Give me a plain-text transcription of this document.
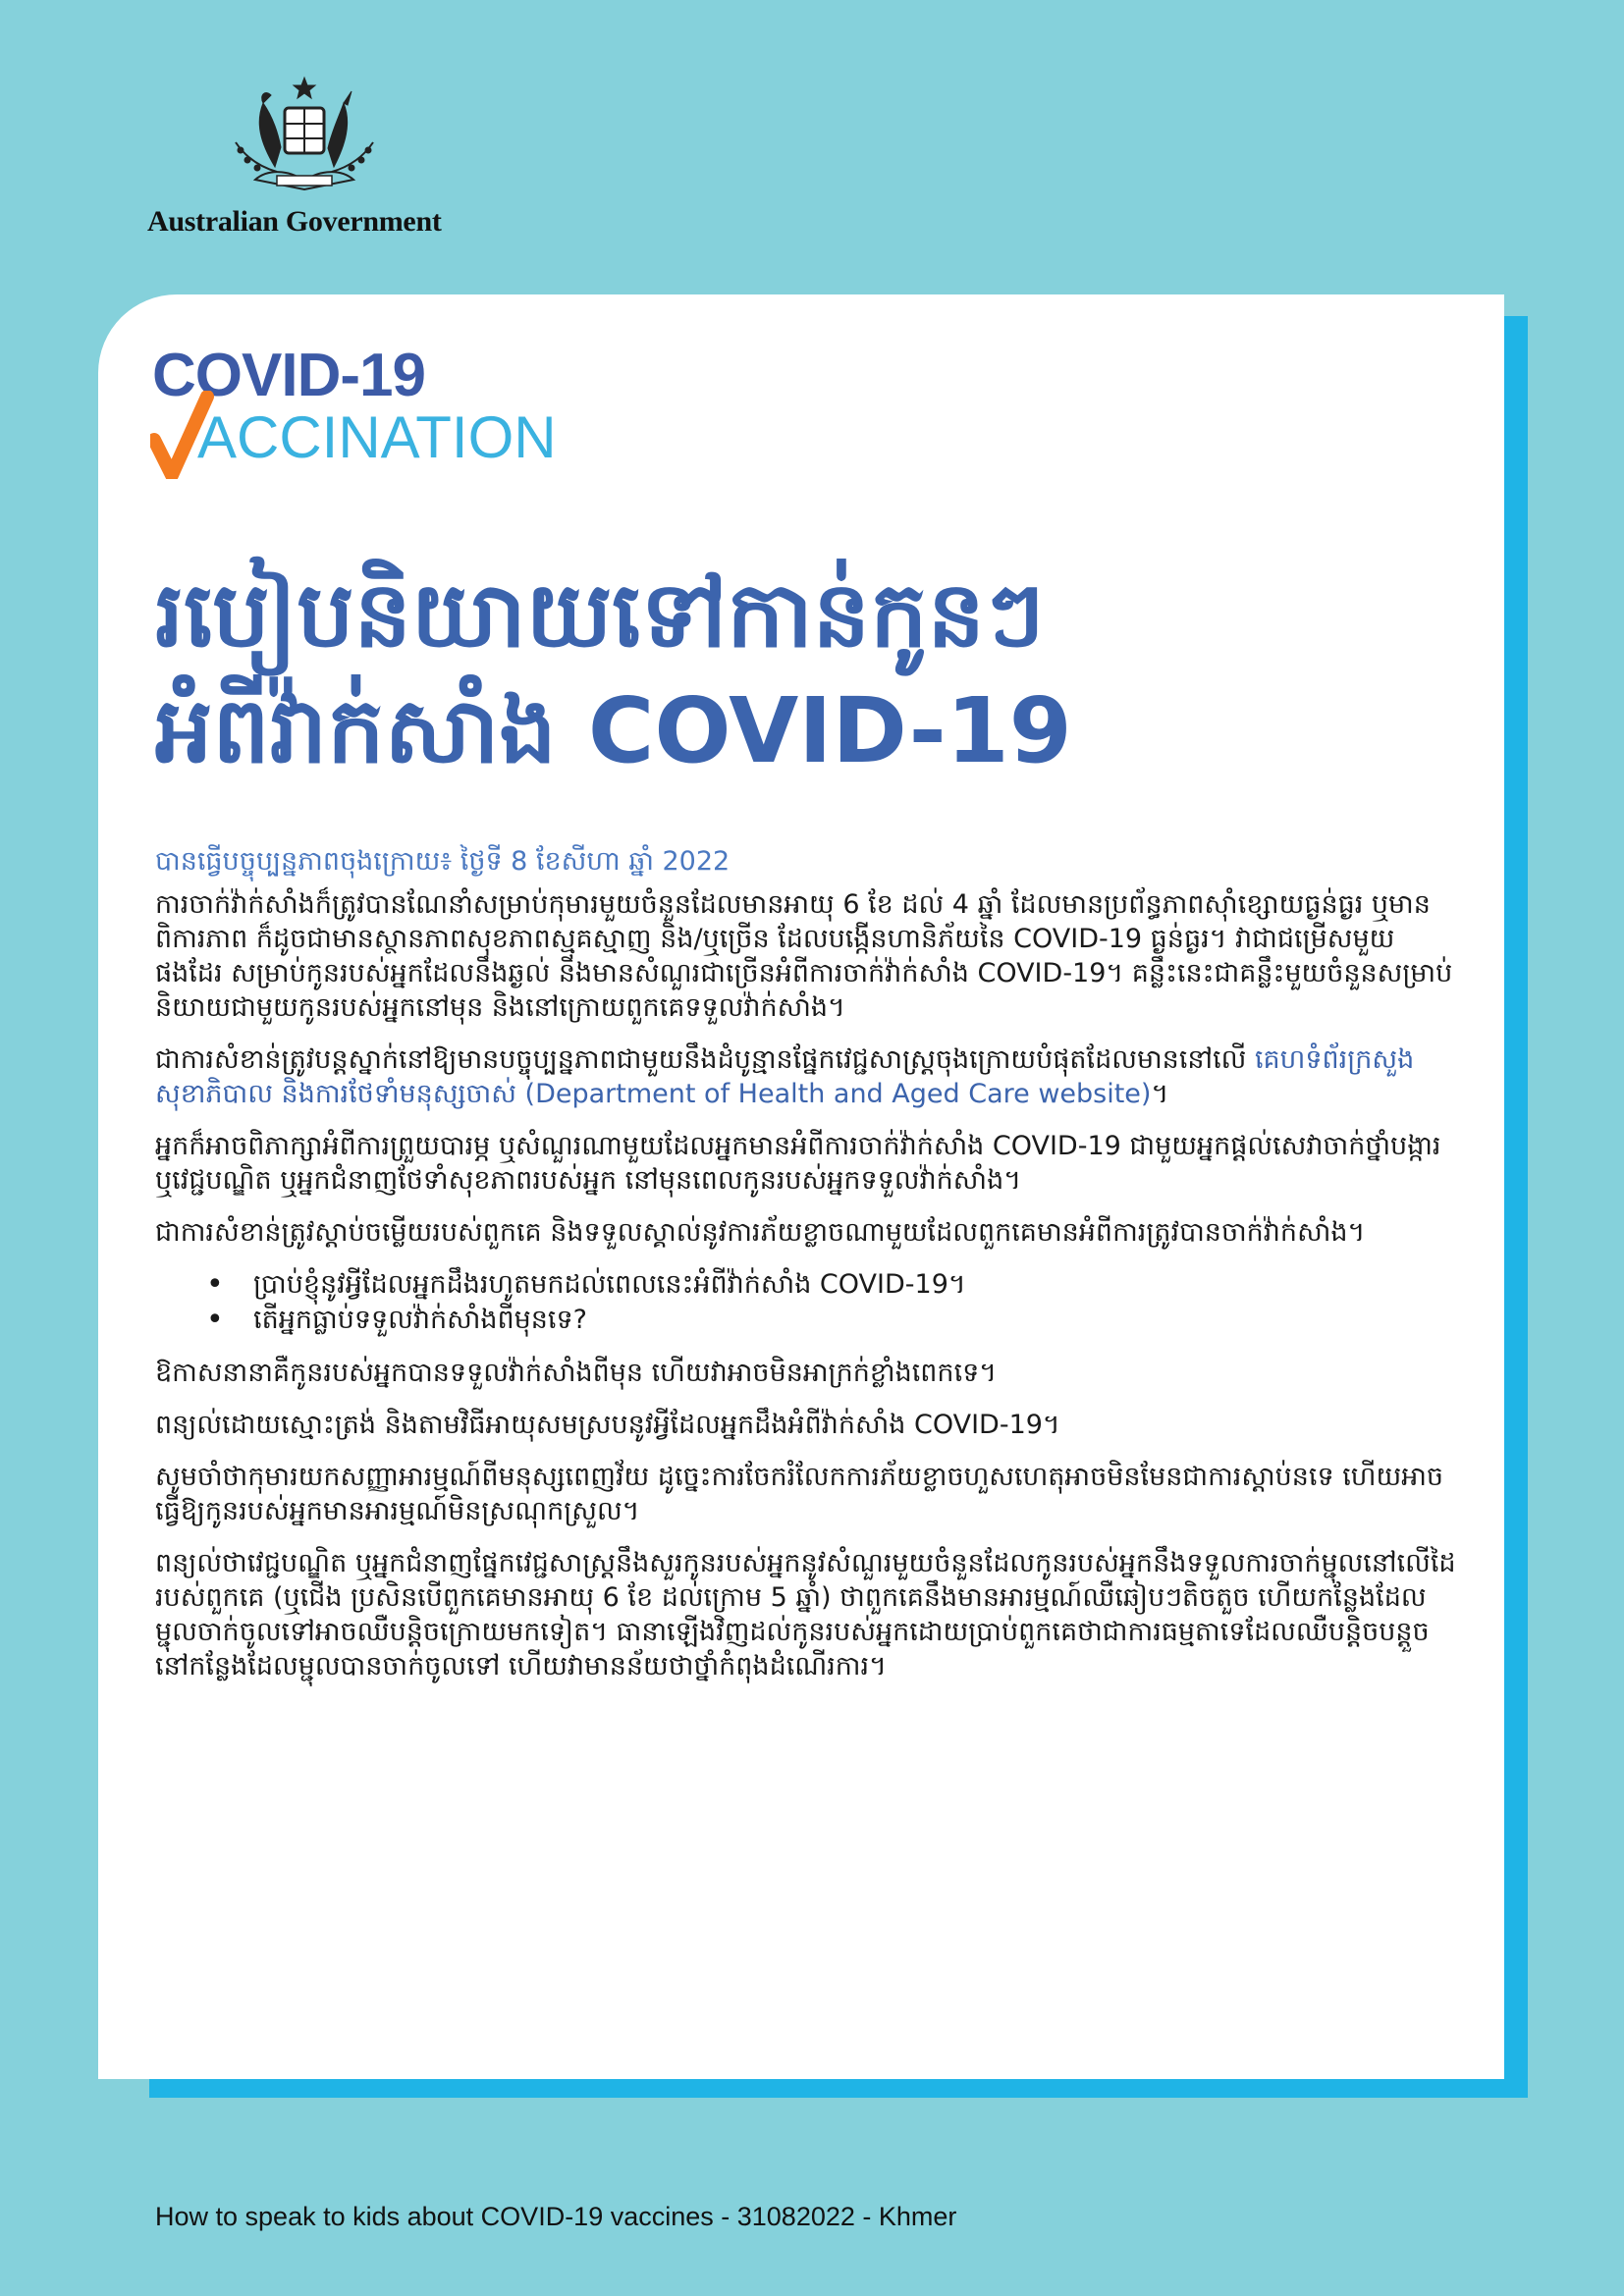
Australian Government
COVID-19
ACCINATION
របៀបនិយាយទៅកាន់កូនៗ
អំពីវ៉ាក់សាំង COVID-19
បានធ្វើបច្ចុប្បន្នភាពចុងក្រោយ៖ ថ្ងៃទី 8 ខែសីហា ឆ្នាំ 2022

ការចាក់វ៉ាក់សាំងក៏ត្រូវបានណែនាំសម្រាប់កុមារមួយចំនួនដែលមានអាយុ 6 ខែ ដល់ 4 ឆ្នាំ ដែលមានប្រព័ន្ធភាពស៊ាំខ្សោយធ្ងន់ធ្ងរ ឬមានពិការភាព ក៏ដូចជាមានស្ថានភាពសុខភាពស្មុគស្មាញ និង/ឬច្រើន ដែលបង្កើនហានិភ័យនៃ COVID-19 ធ្ងន់ធ្ងរ។ វាជាជម្រើសមួយផងដែរ សម្រាប់កូនរបស់អ្នកដែលនឹងឆ្ងល់ និងមានសំណួរជាច្រើនអំពីការចាក់វ៉ាក់សាំង COVID-19។ គន្លឹះនេះជាគន្លឹះមួយចំនួនសម្រាប់និយាយជាមួយកូនរបស់អ្នកនៅមុន និងនៅក្រោយពួកគេទទួលវ៉ាក់សាំង។

ជាការសំខាន់ត្រូវបន្តស្នាក់នៅឱ្យមានបច្ចុប្បន្នភាពជាមួយនឹងដំបូន្មានផ្នែកវេជ្ជសាស្ត្រចុងក្រោយបំផុតដែលមាននៅលើ គេហទំព័រក្រសួងសុខាភិបាល និងការថែទាំមនុស្សចាស់ (Department of Health and Aged Care website)។

អ្នកក៏អាចពិភាក្សាអំពីការព្រួយបារម្ភ ឬសំណួរណាមួយដែលអ្នកមានអំពីការចាក់វ៉ាក់សាំង COVID-19 ជាមួយអ្នកផ្តល់សេវាចាក់ថ្នាំបង្ការ ឬវេជ្ជបណ្ឌិត ឬអ្នកជំនាញថែទាំសុខភាពរបស់អ្នក នៅមុនពេលកូនរបស់អ្នកទទួលវ៉ាក់សាំង។

ជាការសំខាន់ត្រូវស្តាប់ចម្លើយរបស់ពួកគេ និងទទួលស្គាល់នូវការភ័យខ្លាចណាមួយដែលពួកគេមានអំពីការត្រូវបានចាក់វ៉ាក់សាំង។

• ប្រាប់ខ្ញុំនូវអ្វីដែលអ្នកដឹងរហូតមកដល់ពេលនេះអំពីវ៉ាក់សាំង COVID-19។
• តើអ្នកធ្លាប់ទទួលវ៉ាក់សាំងពីមុនទេ?

ឱកាសនានាគឺកូនរបស់អ្នកបានទទួលវ៉ាក់សាំងពីមុន ហើយវាអាចមិនអាក្រក់ខ្លាំងពេកទេ។

ពន្យល់ដោយស្មោះត្រង់ និងតាមវិធីអាយុសមស្របនូវអ្វីដែលអ្នកដឹងអំពីវ៉ាក់សាំង COVID-19។

សូមចាំថាកុមារយកសញ្ញាអារម្មណ៍ពីមនុស្សពេញវ័យ ដូច្នេះការចែករំលែកការភ័យខ្លាចហួសហេតុអាចមិនមែនជាការស្តាប់នទេ ហើយអាចធ្វើឱ្យកូនរបស់អ្នកមានអារម្មណ៍មិនស្រណុកស្រួល។

ពន្យល់ថាវេជ្ជបណ្ឌិត ឬអ្នកជំនាញផ្នែកវេជ្ជសាស្ត្រនឹងសួរកូនរបស់អ្នកនូវសំណួរមួយចំនួនដែលកូនរបស់អ្នកនឹងទទួលការចាក់ម្ជុលនៅលើដៃរបស់ពួកគេ (ឬជើង ប្រសិនបើពួកគេមានអាយុ 6 ខែ ដល់ក្រោម 5 ឆ្នាំ) ថាពួកគេនឹងមានអារម្មណ៍ឈឺឆៀបៗតិចតួច ហើយកន្លែងដែលម្ជុលចាក់ចូលទៅអាចឈឺបន្តិចក្រោយមកទៀត។ ធានាឡើងវិញដល់កូនរបស់អ្នកដោយប្រាប់ពួកគេថាជាការធម្មតាទេដែលឈឺបន្តិចបន្តួចនៅកន្លែងដែលម្ជុលបានចាក់ចូលទៅ ហើយវាមានន័យថាថ្នាំកំពុងដំណើរការ។

How to speak to kids about COVID-19 vaccines - 31082022 - Khmer
